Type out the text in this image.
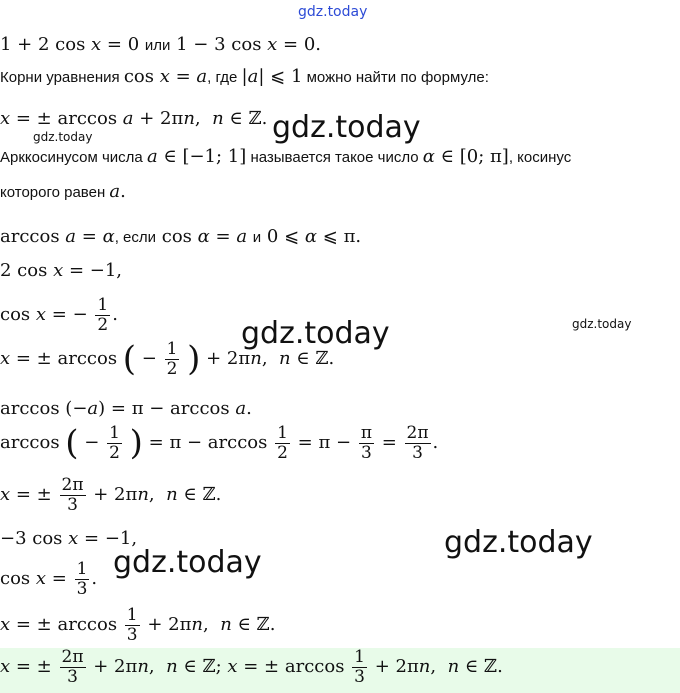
gdz.today
gdz.today	gdz.today
gdz.today	gdz.today
gdz.today
gdz.today
1 + 2 cos x = 0 или 1 − 3 cos x = 0.
Корни уравнения cos x = a, где |a| ⩽ 1 можно найти по формуле:
x = ± arccos a + 2πn,  n ∈ ℤ.
Арккосинусом числа a ∈ [−1; 1] называется такое число α ∈ [0; π], косинус
которого равен a.
arccos a = α, если cos α = a и 0 ⩽ α ⩽ π.
2 cos x = −1,
cos x = − $\frac{1}{2}$ .
x = ± arccos ( − $\frac{1}{2}$ ) + 2πn,  n ∈ ℤ.
arccos (−a) = π − arccos a.
arccos ( − $\frac{1}{2}$ ) = $\pi - \arccos \frac{1}{2} = \pi - \frac{\pi}{3} = \frac{2\pi}{3}$ .
x = ± $\frac{2\pi}{3} + 2\pi n$,  n ∈ ℤ.
−3 cos x = −1,
$\cos x = \frac{1}{3}$ .
x = ± $\arccos \frac{1}{3} + 2\pi n$,  n ∈ ℤ.
x = ± $\frac{2\pi}{3} + 2\pi n$,  n ∈ ℤ; x = ± $\arccos \frac{1}{3} + 2\pi n$,  n ∈ ℤ.
